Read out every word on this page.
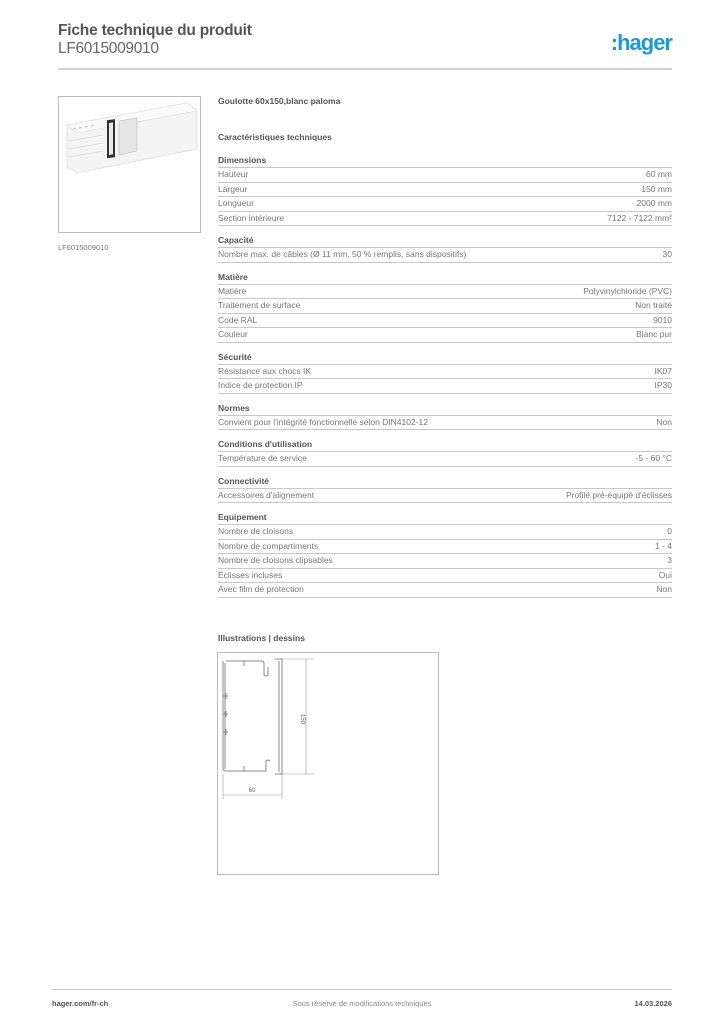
Fiche technique du produit
LF6015009010	:hager
LF6015009010
Goulotte 60x150,blanc paloma
Caractéristiques techniques
Dimensions
Hauteur	60 mm
Largeur	150 mm
Longueur	2000 mm
Section intérieure	7122 - 7122 mm²
Capacité
Nombre max. de câbles (Ø 11 mm, 50 % remplis, sans dispositifs)	30
Matière
Matière	Polyvinylchloride (PVC)
Traitement de surface	Non traité
Code RAL	9010
Couleur	Blanc pur
Sécurité
Résistance aux chocs IK	IK07
Indice de protection IP	IP30
Normes
Convient pour l'intégrité fonctionnelle selon DIN4102-12	Non
Conditions d'utilisation
Température de service	-5 - 60 °C
Connectivité
Accessoires d'alignement	Profilé pré-équipé d'éclisses
Equipement
Nombre de cloisons	0
Nombre de compartiments	1 - 4
Nombre de cloisons clipsables	3
Éclisses incluses	Oui
Avec film de protection	Non
Illustrations | dessins
150
60
hager.com/fr-ch	Sous réserve de modifications techniques	14.03.2026
